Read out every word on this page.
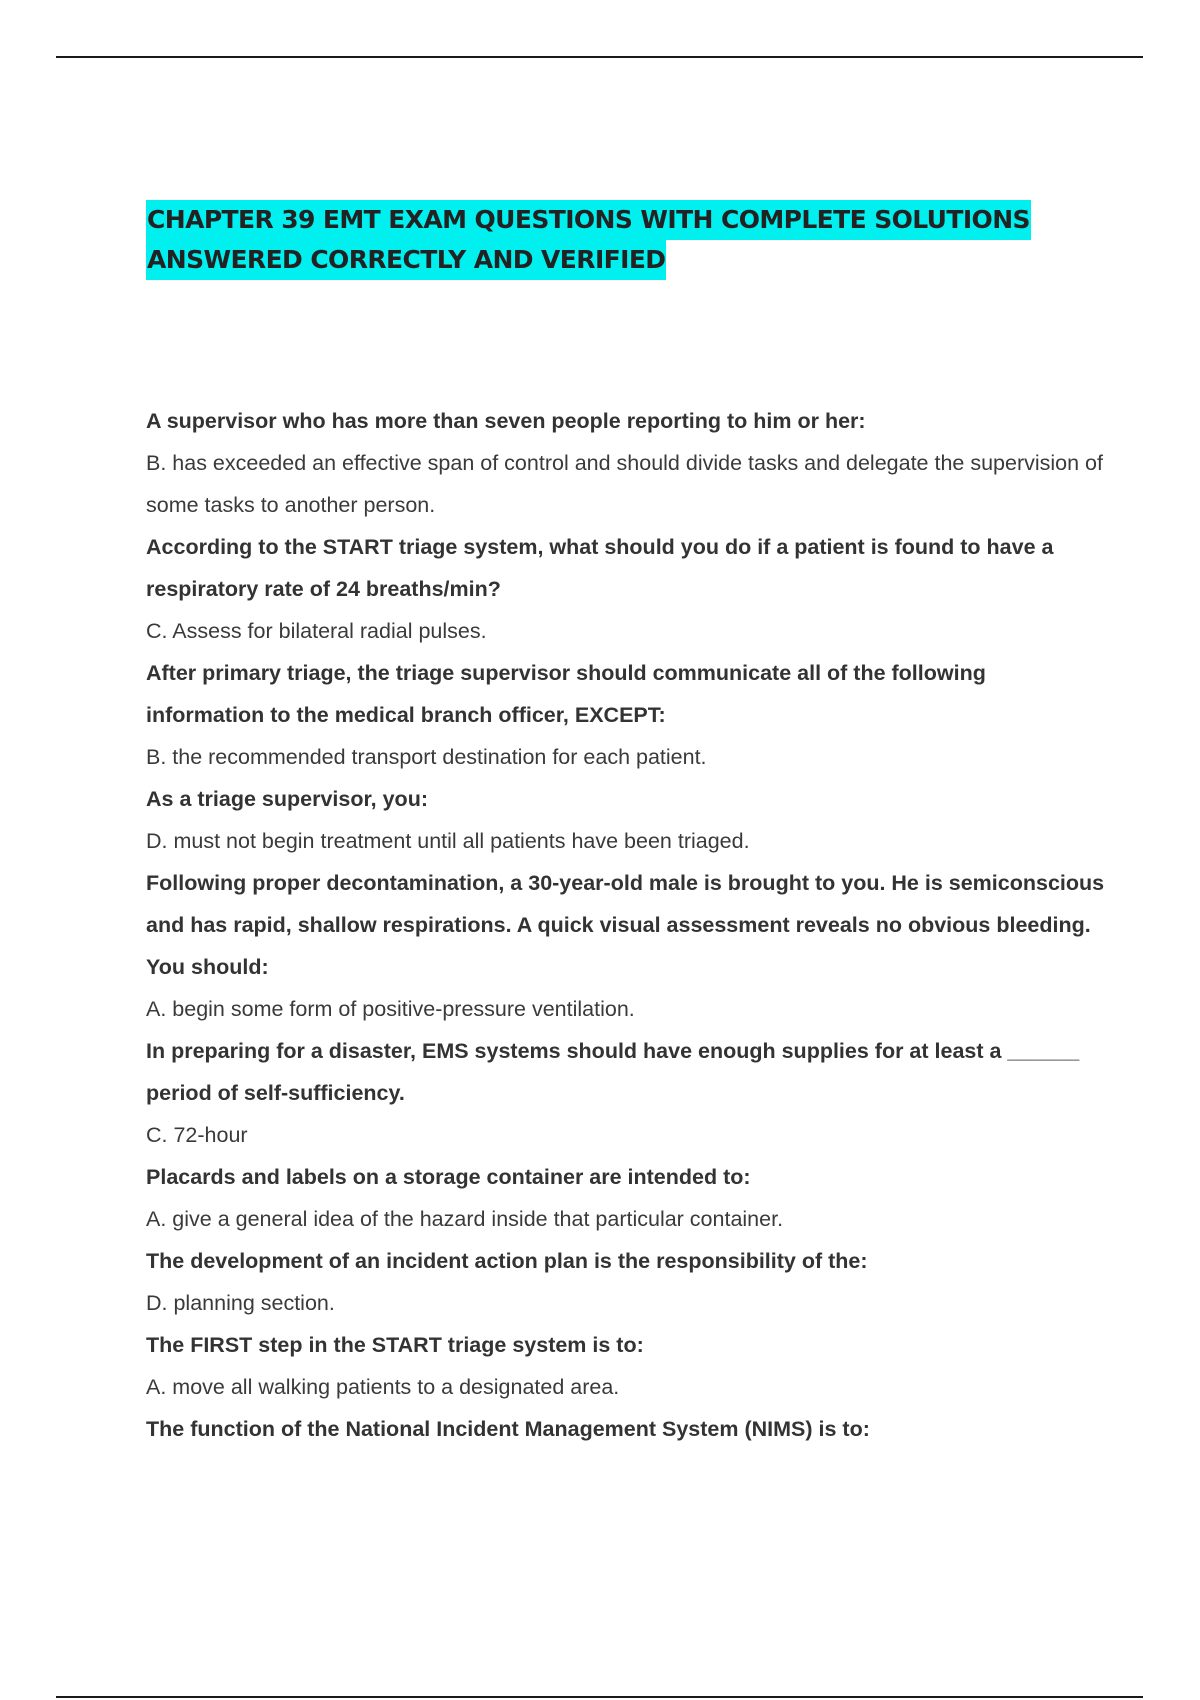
CHAPTER 39 EMT EXAM QUESTIONS WITH COMPLETE SOLUTIONS
ANSWERED CORRECTLY AND VERIFIED

A supervisor who has more than seven people reporting to him or her:

B. has exceeded an effective span of control and should divide tasks and delegate the supervision of some tasks to another person.

According to the START triage system, what should you do if a patient is found to have a respiratory rate of 24 breaths/min?

C. Assess for bilateral radial pulses.

After primary triage, the triage supervisor should communicate all of the following information to the medical branch officer, EXCEPT:

B. the recommended transport destination for each patient.

As a triage supervisor, you:

D. must not begin treatment until all patients have been triaged.

Following proper decontamination, a 30-year-old male is brought to you. He is semiconscious and has rapid, shallow respirations. A quick visual assessment reveals no obvious bleeding. You should:

A. begin some form of positive-pressure ventilation.

In preparing for a disaster, EMS systems should have enough supplies for at least a ______ period of self-sufficiency.

C. 72-hour

Placards and labels on a storage container are intended to:

A. give a general idea of the hazard inside that particular container.

The development of an incident action plan is the responsibility of the:

D. planning section.

The FIRST step in the START triage system is to:

A. move all walking patients to a designated area.

The function of the National Incident Management System (NIMS) is to:
